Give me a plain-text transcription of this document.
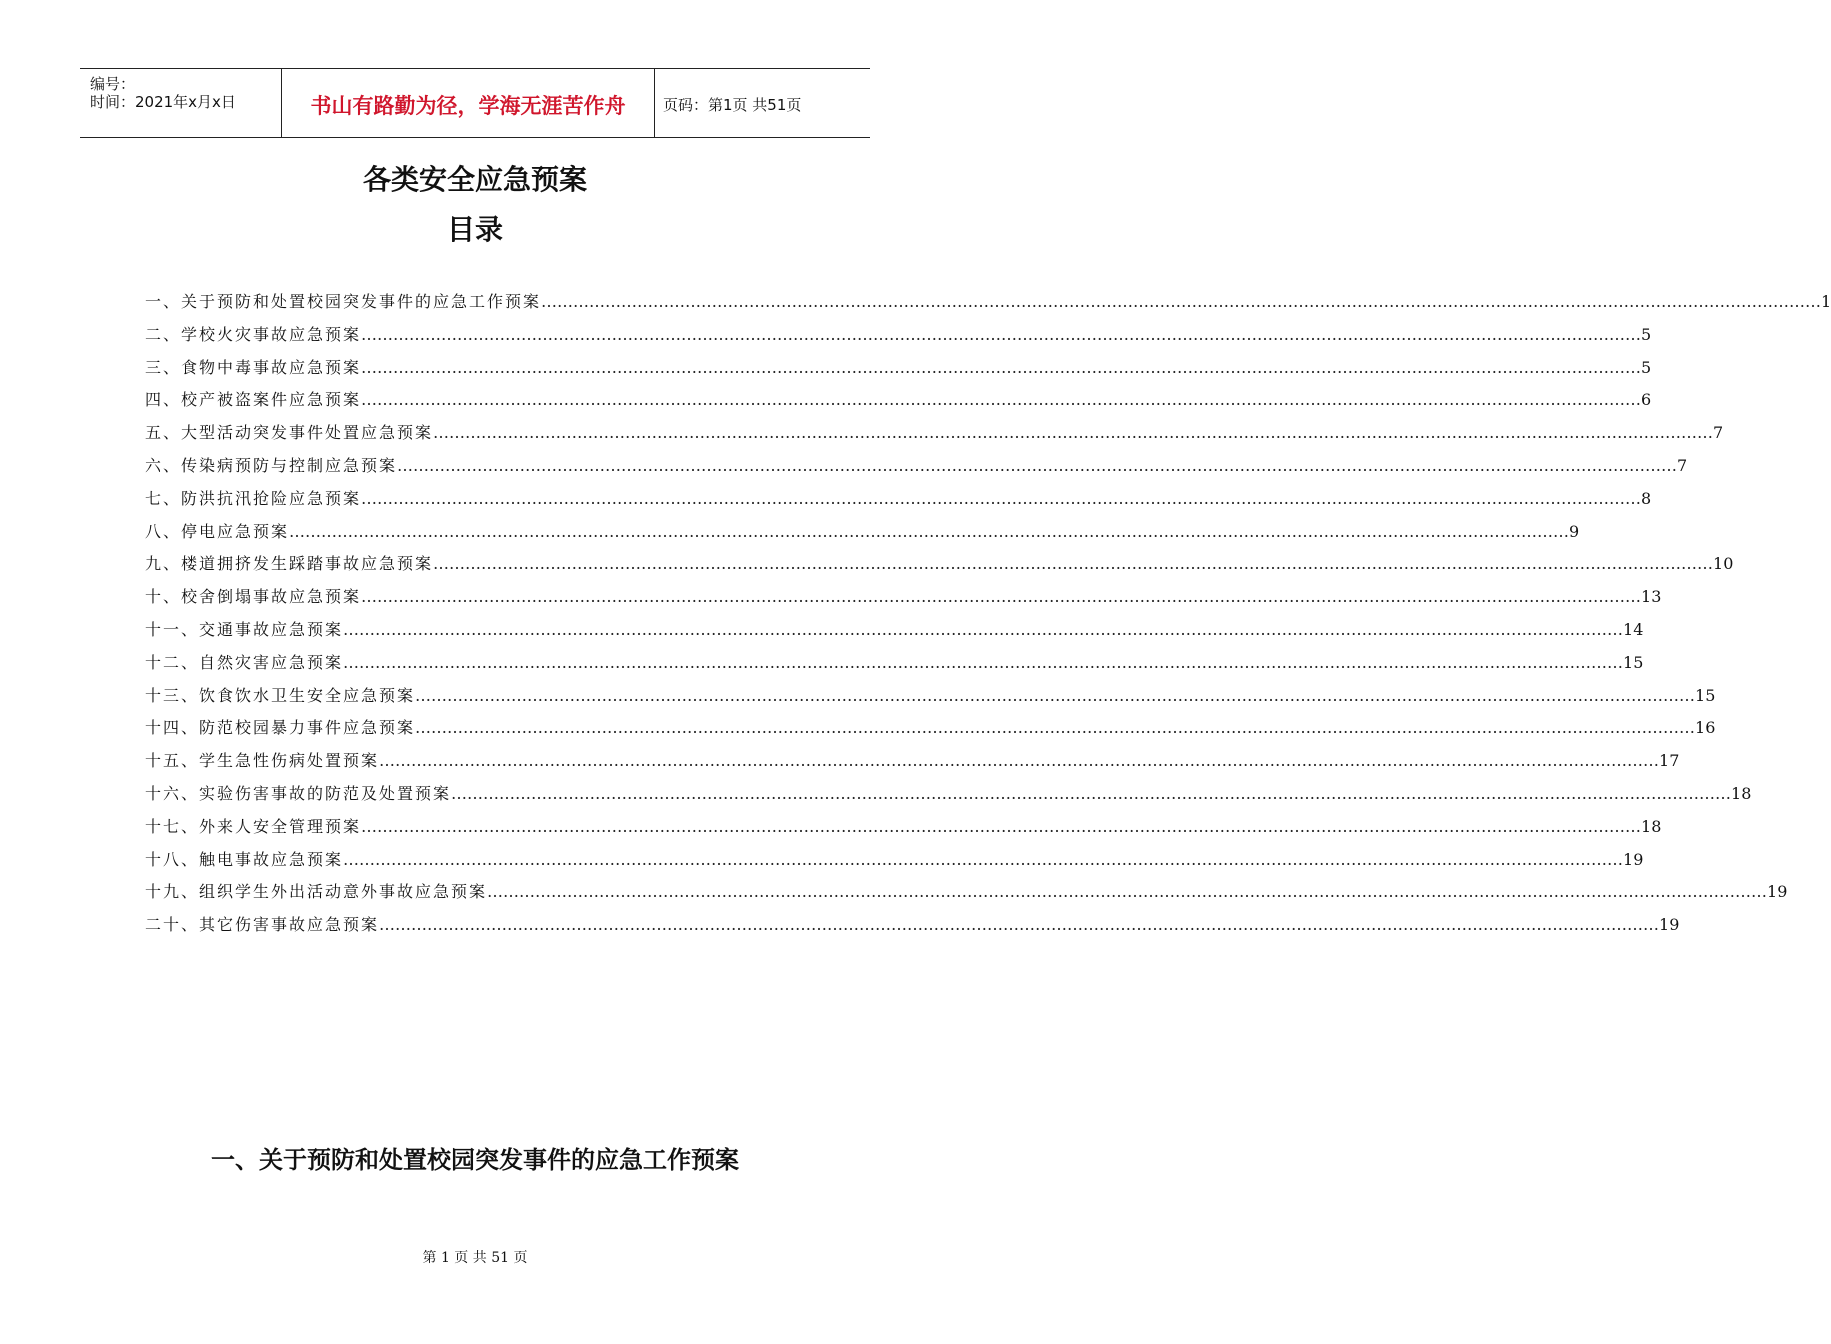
编号：
时间：2021年x月x日	书山有路勤为径，学海无涯苦作舟	页码：第1页 共51页
各类安全应急预案
目录
一、关于预防和处置校园突发事件的应急工作预案 …………………………………………………………………………………………………………………………………………………………………………………………………………………… 1
二、学校火灾事故应急预案 …………………………………………………………………………………………………………………………………………………………………………………………………………………… 5
三、食物中毒事故应急预案 …………………………………………………………………………………………………………………………………………………………………………………………………………………… 5
四、校产被盗案件应急预案 …………………………………………………………………………………………………………………………………………………………………………………………………………………… 6
五、大型活动突发事件处置应急预案 …………………………………………………………………………………………………………………………………………………………………………………………………………………… 7
六、传染病预防与控制应急预案 …………………………………………………………………………………………………………………………………………………………………………………………………………………… 7
七、防洪抗汛抢险应急预案 …………………………………………………………………………………………………………………………………………………………………………………………………………………… 8
八、停电应急预案 …………………………………………………………………………………………………………………………………………………………………………………………………………………… 9
九、楼道拥挤发生踩踏事故应急预案 …………………………………………………………………………………………………………………………………………………………………………………………………………………… 10
十、校舍倒塌事故应急预案 …………………………………………………………………………………………………………………………………………………………………………………………………………………… 13
十一、交通事故应急预案 …………………………………………………………………………………………………………………………………………………………………………………………………………………… 14
十二、自然灾害应急预案 …………………………………………………………………………………………………………………………………………………………………………………………………………………… 15
十三、饮食饮水卫生安全应急预案 …………………………………………………………………………………………………………………………………………………………………………………………………………………… 15
十四、防范校园暴力事件应急预案 …………………………………………………………………………………………………………………………………………………………………………………………………………………… 16
十五、学生急性伤病处置预案 …………………………………………………………………………………………………………………………………………………………………………………………………………………… 17
十六、实验伤害事故的防范及处置预案 …………………………………………………………………………………………………………………………………………………………………………………………………………………… 18
十七、外来人安全管理预案 …………………………………………………………………………………………………………………………………………………………………………………………………………………… 18
十八、触电事故应急预案 …………………………………………………………………………………………………………………………………………………………………………………………………………………… 19
十九、组织学生外出活动意外事故应急预案 …………………………………………………………………………………………………………………………………………………………………………………………………………………… 19
二十、其它伤害事故应急预案 …………………………………………………………………………………………………………………………………………………………………………………………………………………… 19
一、关于预防和处置校园突发事件的应急工作预案
第 1 页 共 51 页
